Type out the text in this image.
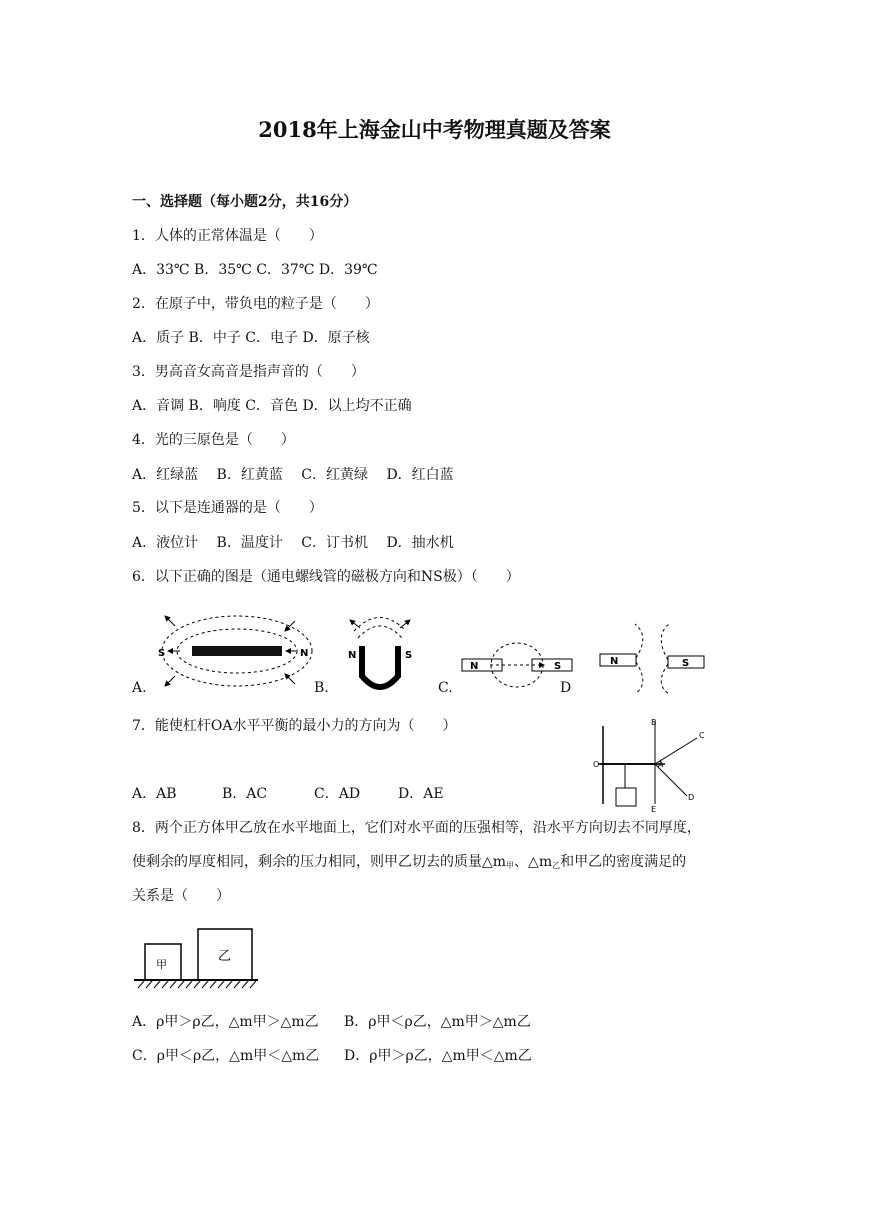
2018年上海金山中考物理真题及答案
一、选择题（每小题2分，共16分）
1．人体的正常体温是（　　）
A．33℃ B．35℃ C．37℃ D．39℃
2．在原子中，带负电的粒子是（　　）
A．质子 B．中子 C．电子 D．原子核
3．男高音女高音是指声音的（　　）
A．音调 B．响度 C．音色 D．以上均不正确
4．光的三原色是（　　）
A．红绿蓝　 B．红黄蓝　 C．红黄绿　 D．红白蓝
5．以下是连通器的是（　　）
A．液位计　 B．温度计　 C．订书机　 D．抽水机
6．以下正确的图是（通电螺线管的磁极方向和NS极）（　　）
S	N	N	S
N	S	N	S
A.	B.	C.	D
7．能使杠杆OA水平平衡的最小力的方向为（　　）
O	A
B
C
D
E
A．AB	B．AC	C．AD	D．AE
8．两个正方体甲乙放在水平地面上，它们对水平面的压强相等，沿水平方向切去不同厚度，
使剩余的厚度相同，剩余的压力相同，则甲乙切去的质量$\triangle m_甲$、$\triangle m_乙$和甲乙的密度满足的
关系是（　　）
甲
乙
A．ρ甲＞ρ乙，△m甲＞△m乙 B．ρ甲＜ρ乙，△m甲＞△m乙
C．ρ甲＜ρ乙，△m甲＜△m乙 D．ρ甲＞ρ乙，△m甲＜△m乙
